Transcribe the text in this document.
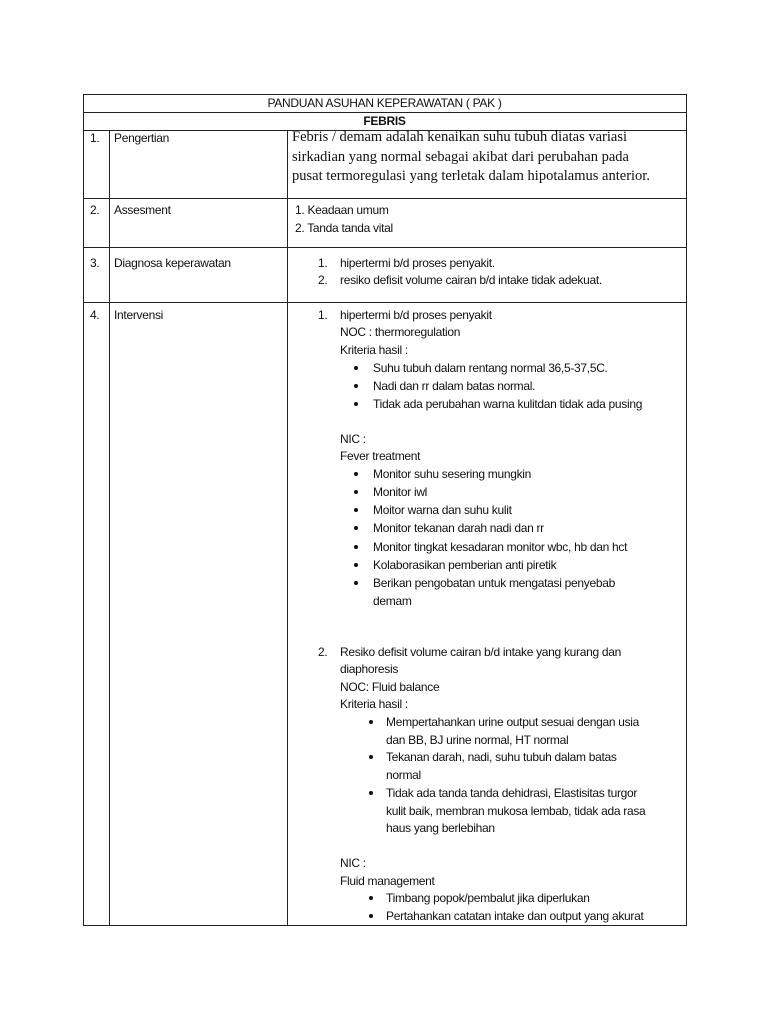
PANDUAN ASUHAN KEPERAWATAN ( PAK )
FEBRIS
1. Pengertian	Febris / demam adalah kenaikan suhu tubuh diatas variasi
sirkadian yang normal sebagai akibat dari perubahan pada
pusat termoregulasi yang terletak dalam hipotalamus anterior.
2. Assesment	1. Keadaan umum
2. Tanda tanda vital
3. Diagnosa keperawatan	1. hipertermi b/d proses penyakit.
2. resiko defisit volume cairan b/d intake tidak adekuat.
4. Intervensi	1. hipertermi b/d proses penyakit
NOC : thermoregulation
Kriteria hasil :
Suhu tubuh dalam rentang normal 36,5-37,5C.
Nadi dan rr dalam batas normal.
Tidak ada perubahan warna kulitdan tidak ada pusing
NIC :
Fever treatment
Monitor suhu sesering mungkin
Monitor iwl
Moitor warna dan suhu kulit
Monitor tekanan darah nadi dan rr
Monitor tingkat kesadaran monitor wbc, hb dan hct
Kolaborasikan pemberian anti piretik
Berikan pengobatan untuk mengatasi penyebab
demam
2. Resiko defisit volume cairan b/d intake yang kurang dan
diaphoresis
NOC: Fluid balance
Kriteria hasil :
Mempertahankan urine output sesuai dengan usia
dan BB, BJ urine normal, HT normal
Tekanan darah, nadi, suhu tubuh dalam batas
normal
Tidak ada tanda tanda dehidrasi, Elastisitas turgor
kulit baik, membran mukosa lembab, tidak ada rasa
haus yang berlebihan
NIC :
Fluid management
Timbang popok/pembalut jika diperlukan
Pertahankan catatan intake dan output yang akurat
